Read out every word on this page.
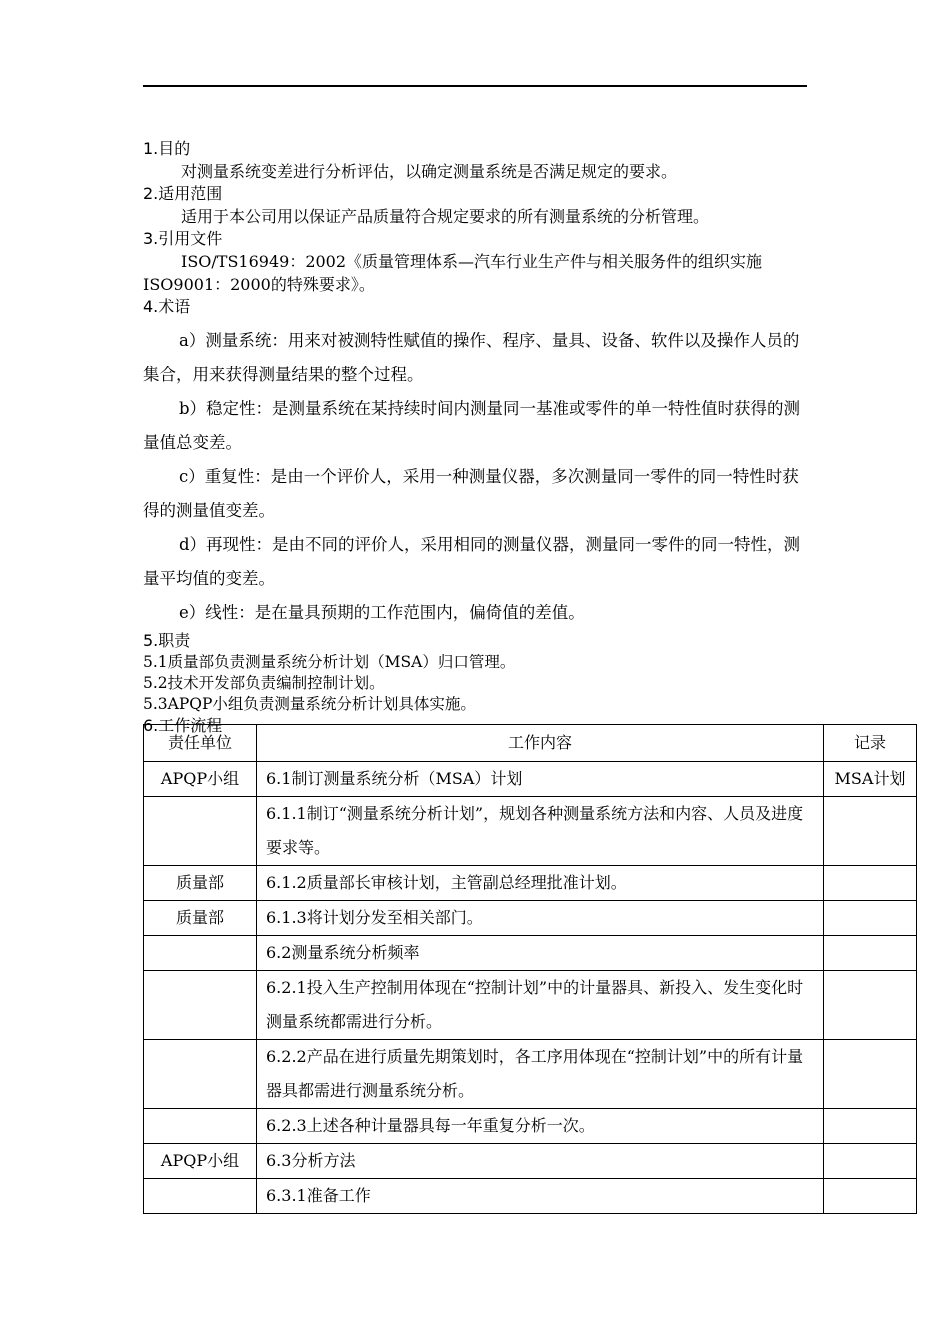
1.目的

对测量系统变差进行分析评估，以确定测量系统是否满足规定的要求。

2.适用范围

适用于本公司用以保证产品质量符合规定要求的所有测量系统的分析管理。

3.引用文件

ISO/TS16949：2002《质量管理体系—汽车行业生产件与相关服务件的组织实施ISO9001：2000的特殊要求》。

4.术语

a）测量系统：用来对被测特性赋值的操作、程序、量具、设备、软件以及操作人员的集合，用来获得测量结果的整个过程。

b）稳定性：是测量系统在某持续时间内测量同一基准或零件的单一特性值时获得的测量值总变差。

c）重复性：是由一个评价人，采用一种测量仪器，多次测量同一零件的同一特性时获得的测量值变差。

d）再现性：是由不同的评价人，采用相同的测量仪器，测量同一零件的同一特性，测量平均值的变差。

e）线性：是在量具预期的工作范围内，偏倚值的差值。

5.职责

5.1质量部负责测量系统分析计划（MSA）归口管理。

5.2技术开发部负责编制控制计划。

5.3APQP小组负责测量系统分析计划具体实施。

6.工作流程

责任单位	工作内容	记录
APQP小组	6.1制订测量系统分析（MSA）计划	MSA计划
	6.1.1制订“测量系统分析计划”，规划各种测量系统方法和内容、人员及进度要求等。	
质量部	6.1.2质量部长审核计划，主管副总经理批准计划。	
质量部	6.1.3将计划分发至相关部门。	
	6.2测量系统分析频率	
	6.2.1投入生产控制用体现在“控制计划”中的计量器具、新投入、发生变化时测量系统都需进行分析。	
	6.2.2产品在进行质量先期策划时，各工序用体现在“控制计划”中的所有计量器具都需进行测量系统分析。	
	6.2.3上述各种计量器具每一年重复分析一次。	
APQP小组	6.3分析方法	
	6.3.1准备工作	
